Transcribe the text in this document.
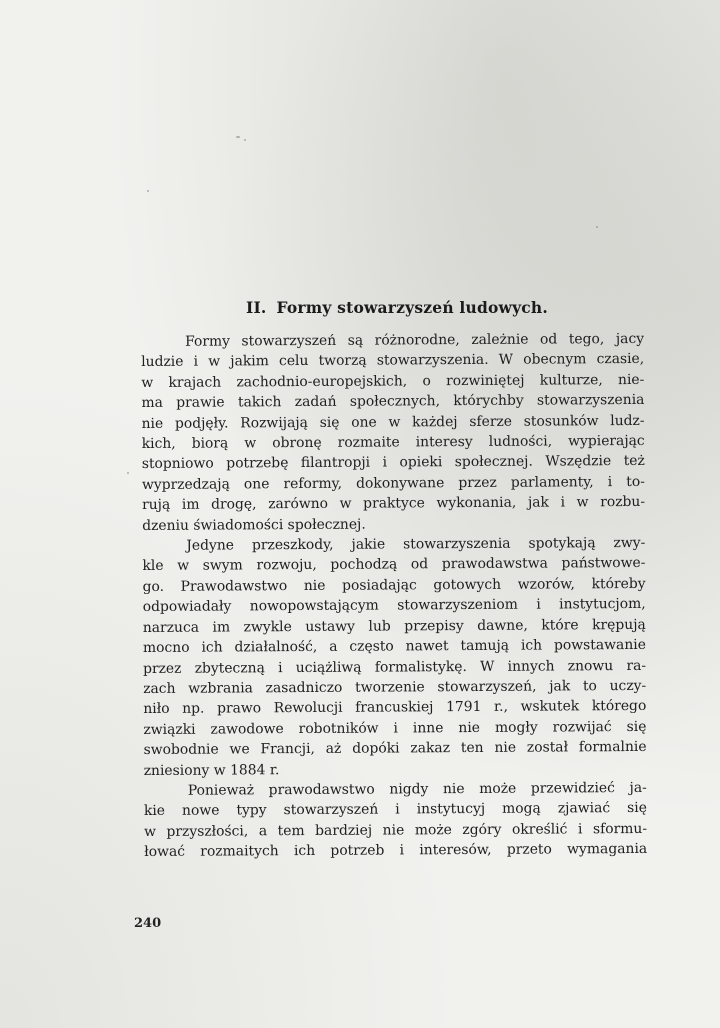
II. Formy stowarzyszeń ludowych.
Formy stowarzyszeń są różnorodne, zależnie od tego, jacy
ludzie i w jakim celu tworzą stowarzyszenia. W obecnym czasie,
w krajach zachodnio-europejskich, o rozwiniętej kulturze, nie-
ma prawie takich zadań społecznych, którychby stowarzyszenia
nie podjęły. Rozwijają się one w każdej sferze stosunków ludz-
kich, biorą w obronę rozmaite interesy ludności, wypierając
stopniowo potrzebę filantropji i opieki społecznej. Wszędzie też
wyprzedzają one reformy, dokonywane przez parlamenty, i to-
rują im drogę, zarówno w praktyce wykonania, jak i w rozbu-
dzeniu świadomości społecznej.
Jedyne przeszkody, jakie stowarzyszenia spotykają zwy-
kle w swym rozwoju, pochodzą od prawodawstwa państwowe-
go. Prawodawstwo nie posiadając gotowych wzorów, któreby
odpowiadały nowopowstającym stowarzyszeniom i instytucjom,
narzuca im zwykle ustawy lub przepisy dawne, które krępują
mocno ich działalność, a często nawet tamują ich powstawanie
przez zbyteczną i uciążliwą formalistykę. W innych znowu ra-
zach wzbrania zasadniczo tworzenie stowarzyszeń, jak to uczy-
niło np. prawo Rewolucji francuskiej 1791 r., wskutek którego
związki zawodowe robotników i inne nie mogły rozwijać się
swobodnie we Francji, aż dopóki zakaz ten nie został formalnie
zniesiony w 1884 r.
Ponieważ prawodawstwo nigdy nie może przewidzieć ja-
kie nowe typy stowarzyszeń i instytucyj mogą zjawiać się
w przyszłości, a tem bardziej nie może zgóry określić i sformu-
łować rozmaitych ich potrzeb i interesów, przeto wymagania
240
